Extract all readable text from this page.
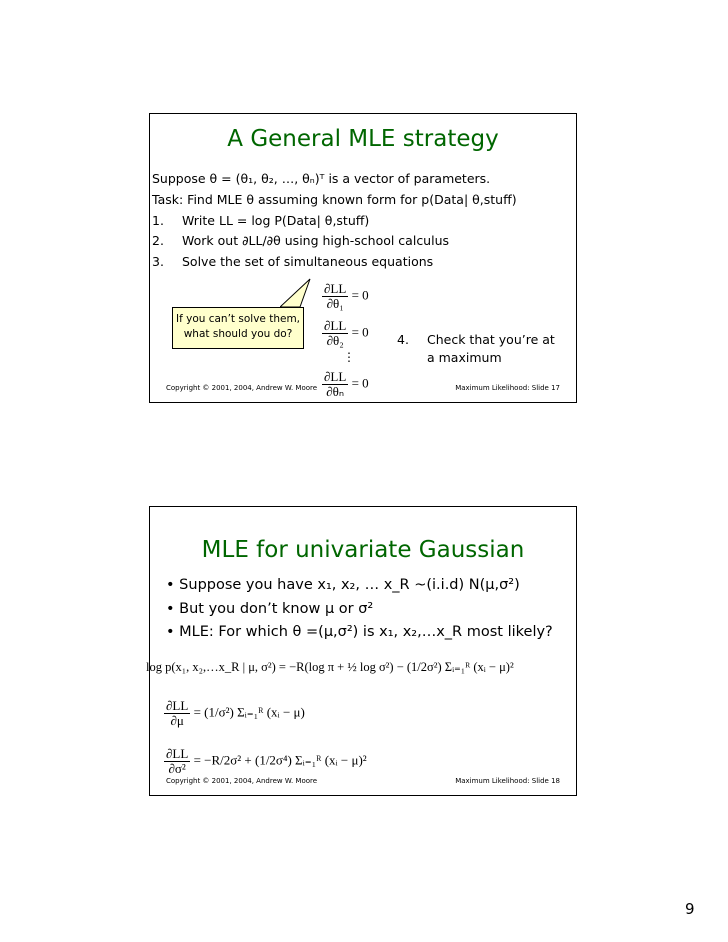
A General MLE strategy
Suppose θ = (θ₁, θ₂, …, θₙ)ᵀ is a vector of parameters.
Task: Find MLE θ assuming known form for p(Data| θ,stuff)
1. Write LL = log P(Data| θ,stuff)
2. Work out ∂LL/∂θ using high-school calculus
3. Solve the set of simultaneous equations
$\frac{\partial LL}{\text{∂θ₁}} = 0$
$\frac{\partial LL}{\text{∂θ₂}} = 0$
⋮
$\frac{\partial LL}{\text{∂θₙ}} = 0$
If you can’t solve them,
what should you do?	4. Check that you’re at
a maximum
Copyright © 2001, 2004, Andrew W. Moore	Maximum Likelihood: Slide 17
MLE for univariate Gaussian
• Suppose you have x₁, x₂, … x_R ~(i.i.d) N(μ,σ²)
• But you don’t know μ or σ²
• MLE: For which θ =(μ,σ²) is x₁, x₂,…x_R most likely?
log p(x₁, x₂,…x_R | μ, σ²) = −R(log π + ½ log σ²) − (1/2σ²) Σᵢ₌₁ᴿ (xᵢ − μ)²
$\frac{\partial LL}{\partial\mu} = (1/\sigma^2)$ Σᵢ₌₁ᴿ (xᵢ − μ)
$\frac{\partial LL}{\text{∂σ²}} = -R/2\sigma^2 + (1/2\sigma^4)$ Σᵢ₌₁ᴿ (xᵢ − μ)²
Copyright © 2001, 2004, Andrew W. Moore	Maximum Likelihood: Slide 18
9
